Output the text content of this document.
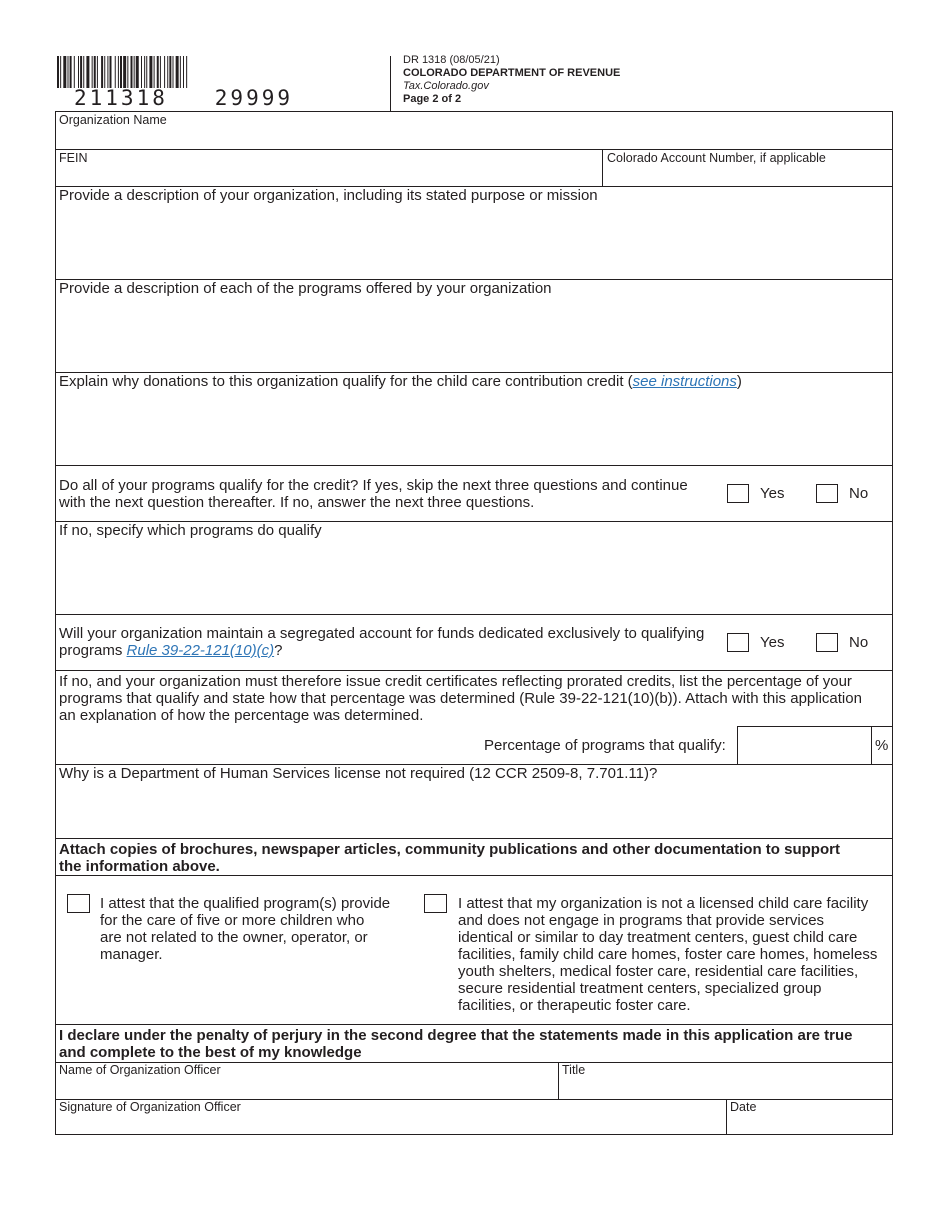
211318   29999
DR 1318 (08/05/21)
COLORADO DEPARTMENT OF REVENUE
Tax.Colorado.gov
Page 2 of 2
Organization Name
FEIN	Colorado Account Number, if applicable
Provide a description of your organization, including its stated purpose or mission
Provide a description of each of the programs offered by your organization
Explain why donations to this organization qualify for the child care contribution credit (see instructions)
Do all of your programs qualify for the credit? If yes, skip the next three questions and continue
with the next question thereafter. If no, answer the next three questions.
Yes	No
If no, specify which programs do qualify
Will your organization maintain a segregated account for funds dedicated exclusively to qualifying
programs Rule 39-22-121(10)(c)?	Yes	No
If no, and your organization must therefore issue credit certificates reflecting prorated credits, list the percentage of your
programs that qualify and state how that percentage was determined (Rule 39-22-121(10)(b)). Attach with this application
an explanation of how the percentage was determined.
Percentage of programs that qualify:	%
Why is a Department of Human Services license not required (12 CCR 2509-8, 7.701.11)?
Attach copies of brochures, newspaper articles, community publications and other documentation to support
the information above.
I attest that the qualified program(s) provide
for the care of five or more children who
are not related to the owner, operator, or
manager.
I attest that my organization is not a licensed child care facility
and does not engage in programs that provide services
identical or similar to day treatment centers, guest child care
facilities, family child care homes, foster care homes, homeless
youth shelters, medical foster care, residential care facilities,
secure residential treatment centers, specialized group
facilities, or therapeutic foster care.
I declare under the penalty of perjury in the second degree that the statements made in this application are true
and complete to the best of my knowledge
Name of Organization Officer	Title
Signature of Organization Officer	Date
